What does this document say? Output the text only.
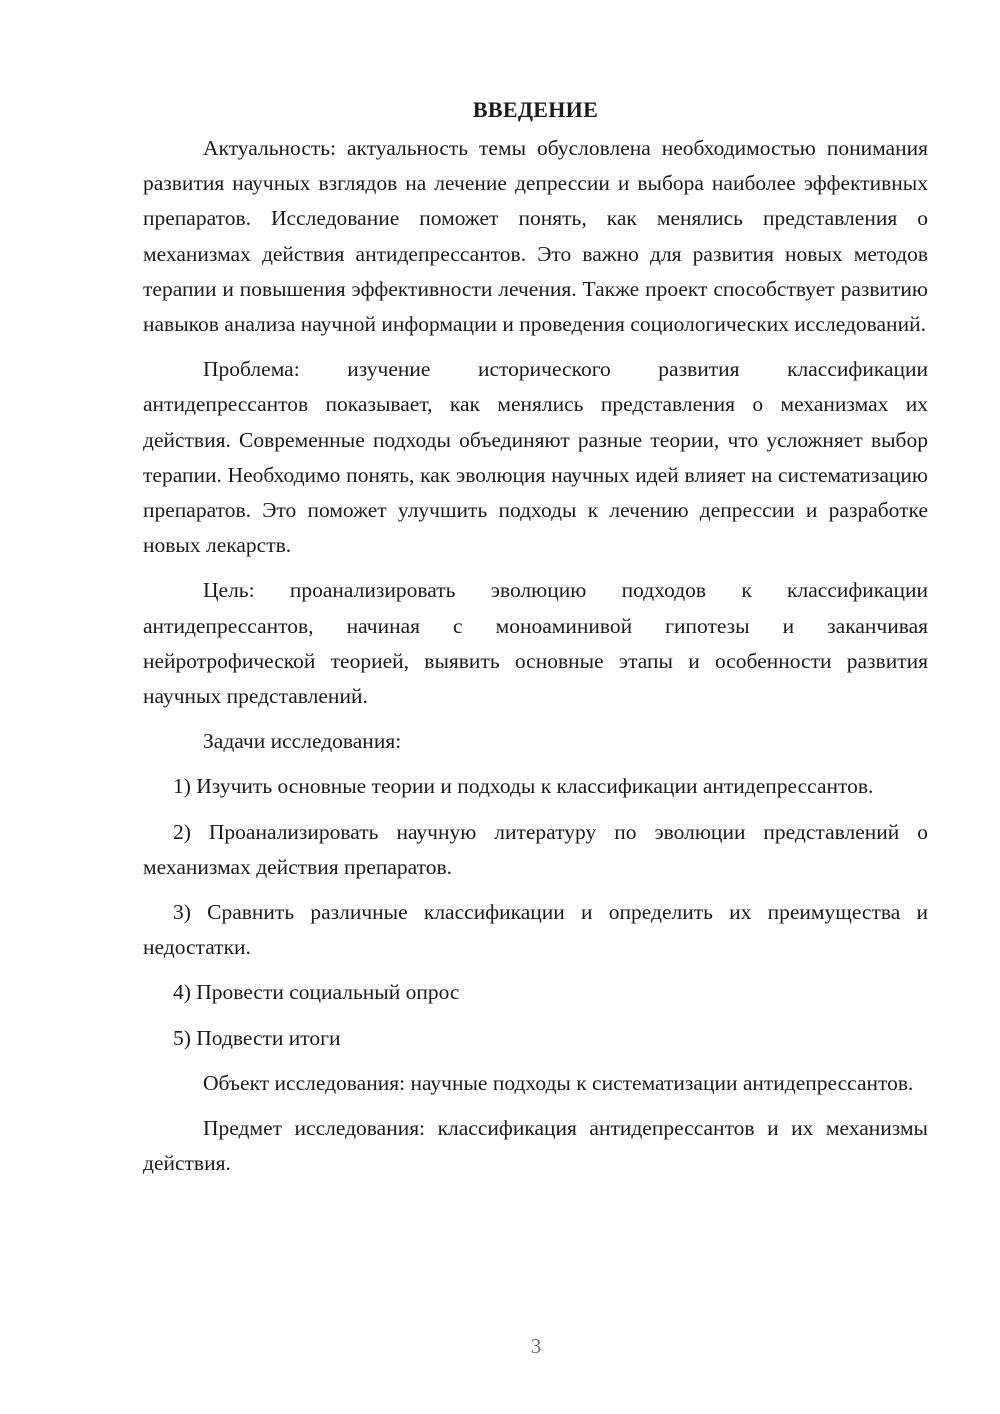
ВВЕДЕНИЕ

Актуальность: актуальность темы обусловлена необходимостью понимания развития научных взглядов на лечение депрессии и выбора наиболее эффективных препаратов. Исследование поможет понять, как менялись представления о механизмах действия антидепрессантов. Это важно для развития новых методов терапии и повышения эффективности лечения. Также проект способствует развитию навыков анализа научной информации и проведения социологических исследований.

Проблема: изучение исторического развития классификации антидепрессантов показывает, как менялись представления о механизмах их действия. Современные подходы объединяют разные теории, что усложняет выбор терапии. Необходимо понять, как эволюция научных идей влияет на систематизацию препаратов. Это поможет улучшить подходы к лечению депрессии и разработке новых лекарств.

Цель: проанализировать эволюцию подходов к классификации антидепрессантов, начиная с моноаминивой гипотезы и заканчивая нейротрофической теорией, выявить основные этапы и особенности развития научных представлений.

Задачи исследования:

1) Изучить основные теории и подходы к классификации антидепрессантов.

2) Проанализировать научную литературу по эволюции представлений о механизмах действия препаратов.

3) Сравнить различные классификации и определить их преимущества и недостатки.

4) Провести социальный опрос

5) Подвести итоги

Объект исследования: научные подходы к систематизации антидепрессантов.

Предмет исследования: классификация антидепрессантов и их механизмы действия.

3
